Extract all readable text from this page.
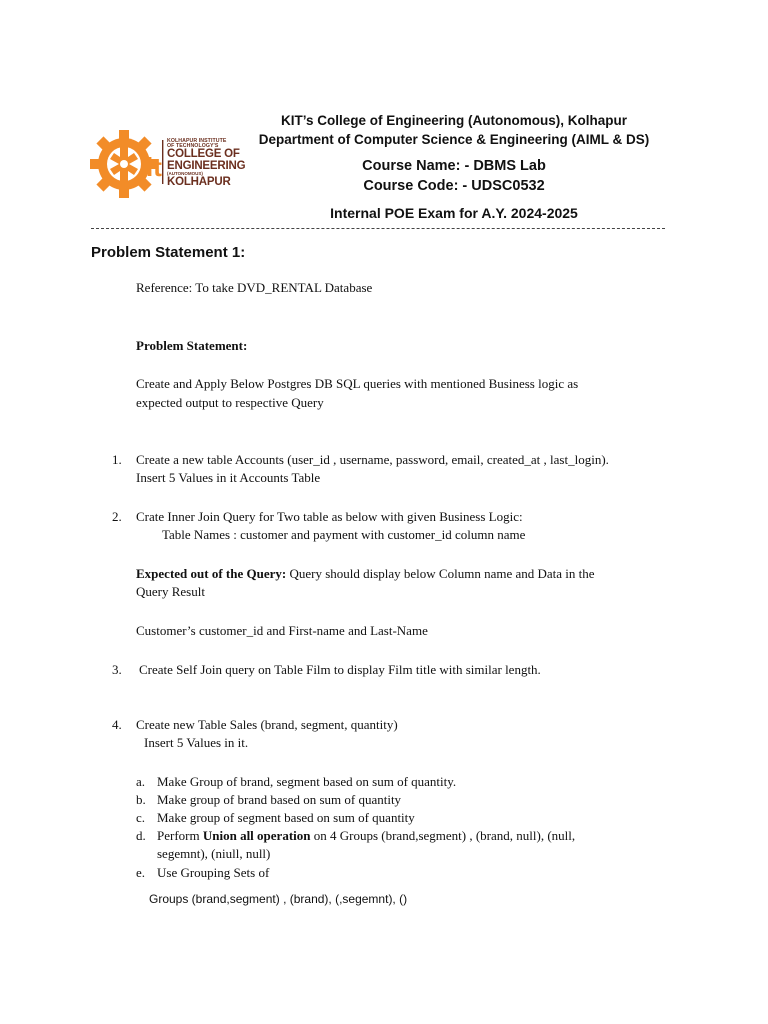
it
KOLHAPUR INSTITUTE
OF TECHNOLOGY'S
COLLEGE OF
ENGINEERING
(AUTONOMOUS)
KOLHAPUR
KIT’s College of Engineering (Autonomous), Kolhapur
Department of Computer Science & Engineering (AIML & DS)
Course Name: - DBMS Lab
Course Code: - UDSC0532
Internal POE Exam for A.Y. 2024-2025
Problem Statement 1:
Reference: To take DVD_RENTAL Database
Problem Statement:
Create and Apply Below Postgres DB SQL queries with mentioned Business logic as
expected output to respective Query
1. Create a new table Accounts (user_id , username, password, email, created_at , last_login).
Insert 5 Values in it Accounts Table
2. Crate Inner Join Query for Two table as below with given Business Logic:
Table Names : customer and payment with customer_id column name
Expected out of the Query: Query should display below Column name and Data in the
Query Result
Customer’s customer_id and First-name and Last-Name
3. Create Self Join query on Table Film to display Film title with similar length.
4. Create new Table Sales (brand, segment, quantity)
Insert 5 Values in it.
a. Make Group of brand, segment based on sum of quantity.
b. Make group of brand based on sum of quantity
c. Make group of segment based on sum of quantity
d. Perform Union all operation on 4 Groups (brand,segment) , (brand, null), (null,
segemnt), (niull, null)
e. Use Grouping Sets of
Groups (brand,segment) , (brand), (,segemnt), ()
